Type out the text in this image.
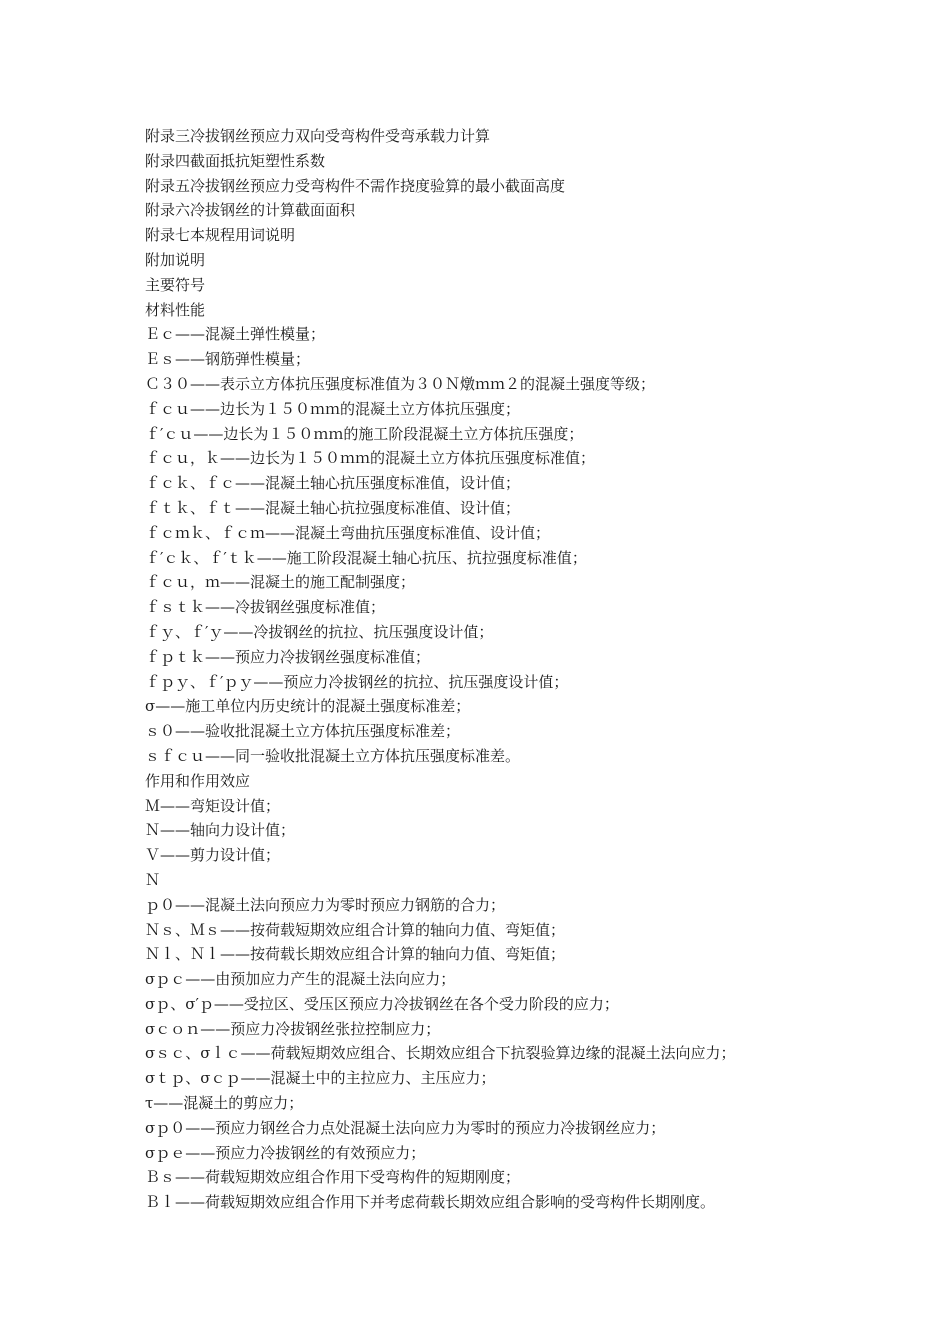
附录三冷拔钢丝预应力双向受弯构件受弯承载力计算
附录四截面抵抗矩塑性系数
附录五冷拔钢丝预应力受弯构件不需作挠度验算的最小截面高度
附录六冷拔钢丝的计算截面面积
附录七本规程用词说明
附加说明
主要符号
材料性能
Ｅｃ——混凝土弹性模量；
Ｅｓ——钢筋弹性模量；
Ｃ３０——表示立方体抗压强度标准值为３０Ｎ燉ｍｍ２的混凝土强度等级；
ｆｃｕ——边长为１５０ｍｍ的混凝土立方体抗压强度；
ｆ′ｃｕ——边长为１５０ｍｍ的施工阶段混凝土立方体抗压强度；
ｆｃｕ，ｋ——边长为１５０ｍｍ的混凝土立方体抗压强度标准值；
ｆｃｋ、ｆｃ——混凝土轴心抗压强度标准值，设计值；
ｆｔｋ、ｆｔ——混凝土轴心抗拉强度标准值、设计值；
ｆｃｍｋ、ｆｃｍ——混凝土弯曲抗压强度标准值、设计值；
ｆ′ｃｋ、ｆ′ｔｋ——施工阶段混凝土轴心抗压、抗拉强度标准值；
ｆｃｕ，ｍ——混凝土的施工配制强度；
ｆｓｔｋ——冷拔钢丝强度标准值；
ｆｙ、ｆ′ｙ——冷拔钢丝的抗拉、抗压强度设计值；
ｆｐｔｋ——预应力冷拔钢丝强度标准值；
ｆｐｙ、ｆ′ｐｙ——预应力冷拔钢丝的抗拉、抗压强度设计值；
σ——施工单位内历史统计的混凝土强度标准差；
ｓ０——验收批混凝土立方体抗压强度标准差；
ｓｆｃｕ——同一验收批混凝土立方体抗压强度标准差。
作用和作用效应
Ｍ——弯矩设计值；
Ｎ——轴向力设计值；
Ｖ——剪力设计值；
Ｎ
ｐ０——混凝土法向预应力为零时预应力钢筋的合力；
Ｎｓ、Ｍｓ——按荷载短期效应组合计算的轴向力值、弯矩值；
Ｎｌ、Ｎｌ——按荷载长期效应组合计算的轴向力值、弯矩值；
σｐｃ——由预加应力产生的混凝土法向应力；
σｐ、σ′ｐ——受拉区、受压区预应力冷拔钢丝在各个受力阶段的应力；
σｃｏｎ——预应力冷拔钢丝张拉控制应力；
σｓｃ、σｌｃ——荷载短期效应组合、长期效应组合下抗裂验算边缘的混凝土法向应力；
σｔｐ、σｃｐ——混凝土中的主拉应力、主压应力；
τ——混凝土的剪应力；
σｐ０——预应力钢丝合力点处混凝土法向应力为零时的预应力冷拔钢丝应力；
σｐｅ——预应力冷拔钢丝的有效预应力；
Ｂｓ——荷载短期效应组合作用下受弯构件的短期刚度；
Ｂｌ——荷载短期效应组合作用下并考虑荷载长期效应组合影响的受弯构件长期刚度。
